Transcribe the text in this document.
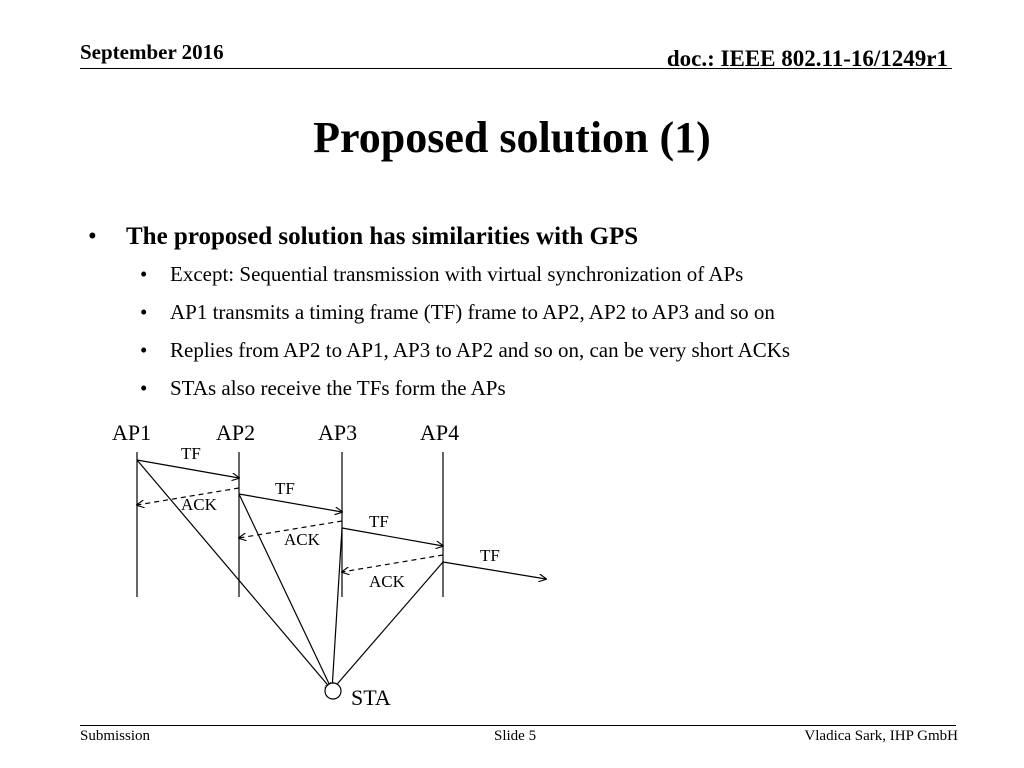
September 2016	doc.: IEEE 802.11-16/1249r1
Proposed solution (1)
• The proposed solution has similarities with GPS
• Except: Sequential transmission with virtual synchronization of APs
• AP1 transmits a timing frame (TF) frame to AP2, AP2 to AP3 and so on
• Replies from AP2 to AP1, AP3 to AP2 and so on, can be very short ACKs
• STAs also receive the TFs form the APs
AP1	AP2	AP3	AP4
TF
TF
TF
TF
ACK
ACK
ACK
STA
Submission	Slide 5	Vladica Sark, IHP GmbH
